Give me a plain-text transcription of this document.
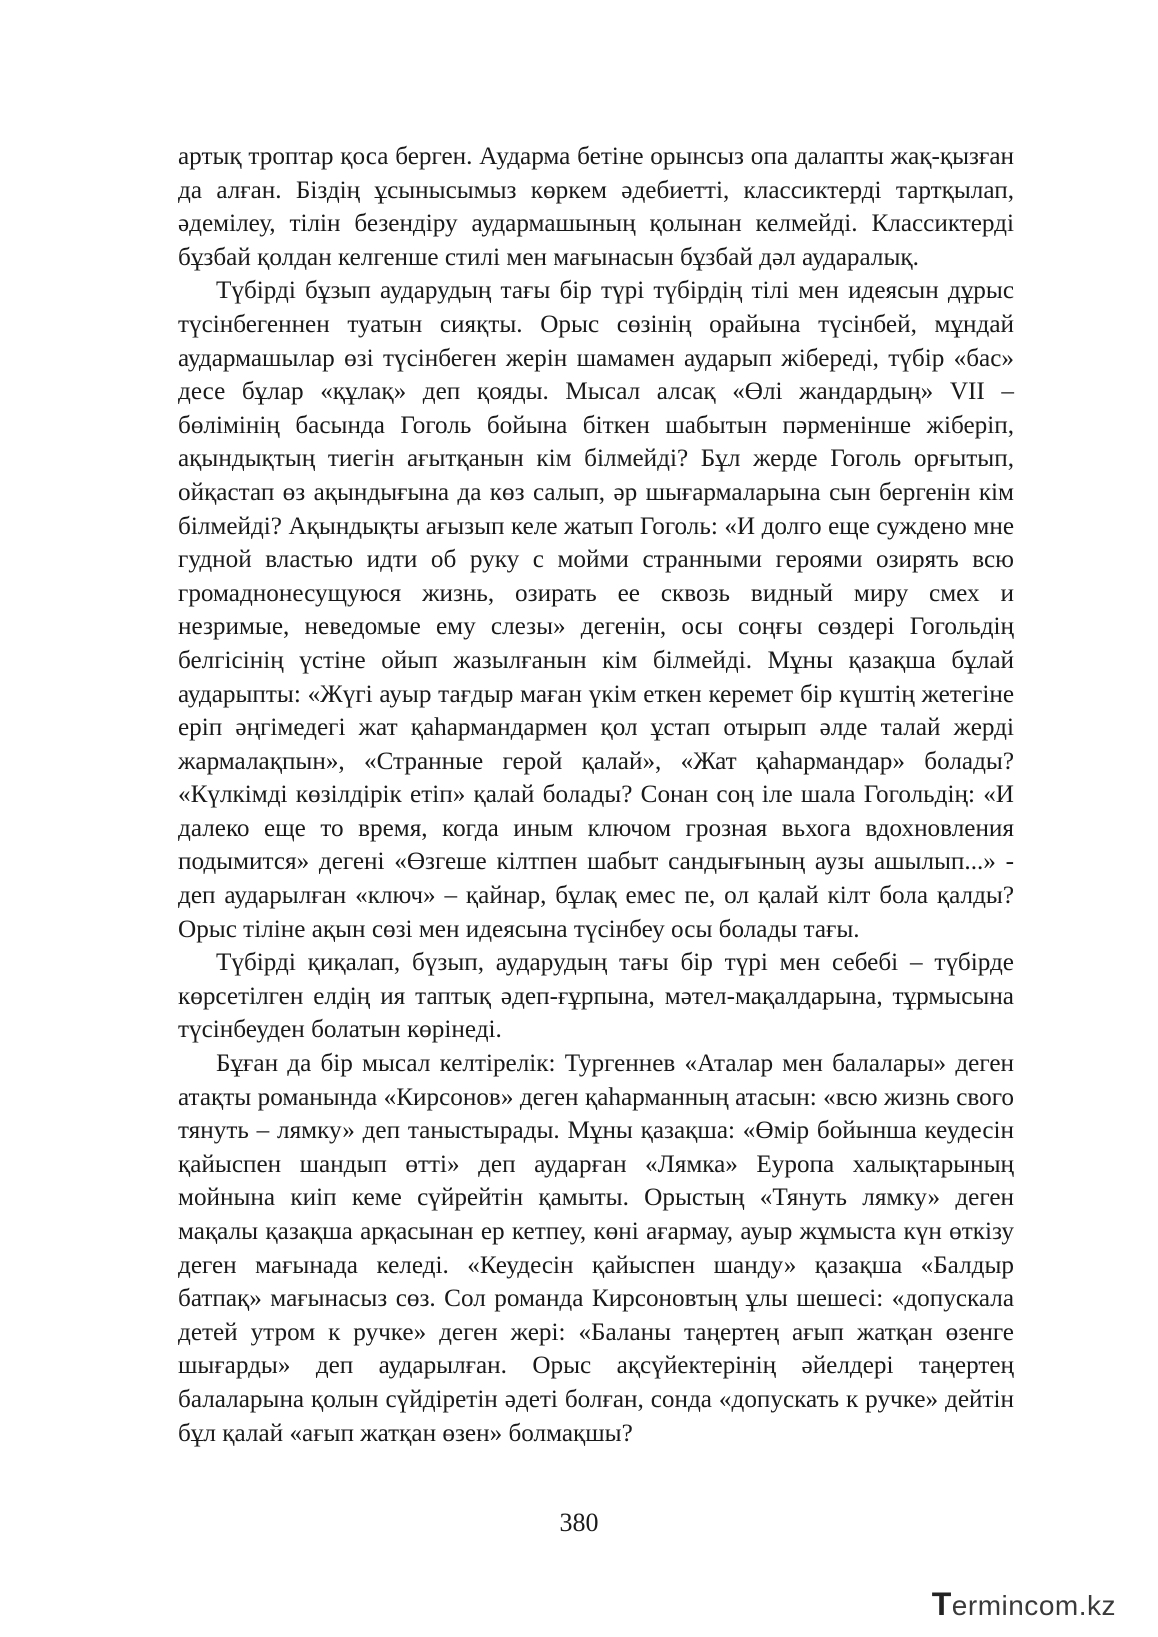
артық троптар қоса берген. Аударма бетіне орынсыз опа далапты жақ-қызған да алған. Біздің ұсынысымыз көркем әдебиетті, классиктерді тартқылап, әдемілеу, тілін безендіру аудармашының қолынан келмейді. Классиктерді бұзбай қолдан келгенше стилі мен мағынасын бұзбай дәл аударалық.

Түбірді бұзып аударудың тағы бір түрі түбірдің тілі мен идеясын дұрыс түсінбегеннен туатын сияқты. Орыс сөзінің орайына түсінбей, мұндай аудармашылар өзі түсінбеген жерін шамамен аударып жібереді, түбір «бас» десе бұлар «құлақ» деп қояды. Мысал алсақ «Өлі жандардың» VII – бөлімінің басында Гоголь бойына біткен шабытын пәрменінше жіберіп, ақындықтың тиегін ағытқанын кім білмейді? Бұл жерде Гоголь орғытып, ойқастап өз ақындығына да көз салып, әр шығармаларына сын бергенін кім білмейді? Ақындықты ағызып келе жатып Гоголь: «И долго еще суждено мне гудной властью идти об руку с мойми странными героями озирять всю громаднонесущуюся жизнь, озирать ее сквозь видный миру смех и незримые, неведомые ему слезы» дегенін, осы соңғы сөздері Гогольдің белгісінің үстіне ойып жазылғанын кім білмейді. Мұны қазақша бұлай аударыпты: «Жүгі ауыр тағдыр маған үкім еткен керемет бір күштің жетегіне еріп әңгімедегі жат қаһармандармен қол ұстап отырып әлде талай жерді жармалақпын», «Странные герой қалай», «Жат қаһармандар» болады? «Күлкімді көзілдірік етіп» қалай болады? Сонан соң іле шала Гогольдің: «И далеко еще то время, когда иным ключом грозная вьхога вдохновления подымится» дегені «Өзгеше кілтпен шабыт сандығының аузы ашылып...» - деп аударылған «ключ» – қайнар, бұлақ емес пе, ол қалай кілт бола қалды? Орыс тіліне ақын сөзі мен идеясына түсінбеу осы болады тағы.

Түбірді қиқалап, бүзып, аударудың тағы бір түрі мен себебі – түбірде көрсетілген елдің ия таптық әдеп-ғұрпына, мәтел-мақалдарына, тұрмысына түсінбеуден болатын көрінеді.

Бұған да бір мысал келтірелік: Тургеннев «Аталар мен балалары» деген атақты романында «Кирсонов» деген қаһарманның атасын: «всю жизнь свого тянуть – лямку» деп таныстырады. Мұны қазақша: «Өмір бойынша кеудесін қайыспен шандып өтті» деп аударған «Лямка» Еуропа халықтарының мойнына киіп кеме сүйрейтін қамыты. Орыстың «Тянуть лямку» деген мақалы қазақша арқасынан ер кетпеу, көні ағармау, ауыр жұмыста күн өткізу деген мағынада келеді. «Кеудесін қайыспен шанду» қазақша «Балдыр батпақ» мағынасыз сөз. Сол романда Кирсоновтың ұлы шешесі: «допускала детей утром к ручке» деген жері: «Баланы таңертең ағып жатқан өзенге шығарды» деп аударылған. Орыс ақсүйектерінің әйелдері таңертең балаларына қолын сүйдіретін әдеті болған, сонда «допускать к ручке» дейтін бұл қалай «ағып жатқан өзен» болмақшы?

380
Termincom.kz
